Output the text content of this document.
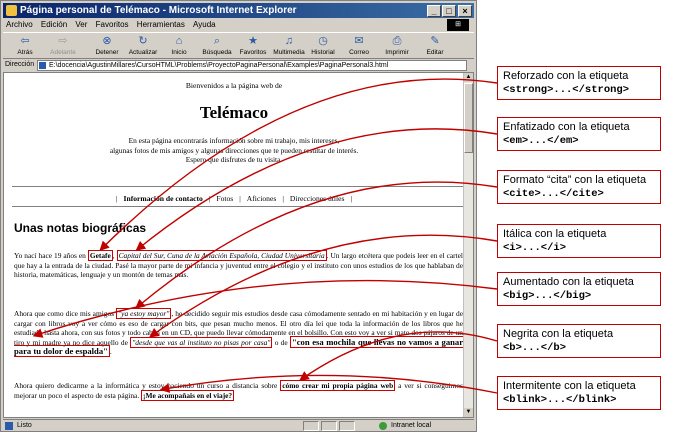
Página personal de Telémaco - Microsoft Internet Explorer	_	□	×
Archivo Edición Ver Favoritos Herramientas Ayuda	⊞
⇦
Atrás
⇨
Adelante
⊗
Detener
↻
Actualizar
⌂
Inicio
⌕
Búsqueda
★
Favoritos
♫
Multimedia
◷
Historial
✉
Correo
⎙
Imprimir
✎
Editar
Dirección	E:\docencia\AgustinMillares\CursoHTML\Problems\ProyectoPaginaPersonal\Examples\PaginaPersonal3.html
Bienvenidos a la página web de
Telémaco
En esta página encontrarás información sobre mi trabajo, mis intereses,
algunas fotos de mis amigos y algunas direcciones que te pueden resultar de interés.
Espero que disfrutes de tu visita.
| Información de contacto | Fotos | Aficiones | Direcciones útiles |
Unas notas biográficas
Yo nací hace 19 años en Getafe , Capital del Sur, Cuna de la Aviación Española, Ciudad Universitaria . Un largo etcétera que podeis leer en el cartel que hay a la entrada de la ciudad. Pasé la mayor parte de mi infancia y juventud entre el colegio y el instituto con unos estudios de los que hablaban de historia, matemáticas, lenguaje y un montón de temas más.
Ahora que como dice mis amigos "ya estoy mayor" , he decidido seguir mis estudios desde casa cómodamente sentado en mi habitación y en lugar de cargar con libros voy a ver cómo es eso de cargar con bits, que pesan mucho menos. El otro día leí que toda la información de los libros que he estudiado hasta ahora, con sus fotos y todo caben en un CD, que puedo llevar cómodamente en el bolsillo. Con esto voy a ver si mato dos pájaros de un tiro y mi madre ya no dice aquello de "desde que vas al instituto no pisas por casa" o de "con esa mochila que llevas no vamos a ganar para tu dolor de espalda" .
Ahora quiero dedicarme a la informática y estoy haciendo un curso a distancia sobre cómo crear mi propia página web a ver si conseguimos mejorar un poco el aspecto de esta página. ¡Me acompañais en el viaje?
▲
▼
Listo	Intranet local
Reforzado con la etiqueta
<strong>...</strong>
Enfatizado con la etiqueta
<em>...</em>
Formato “cita” con la etiqueta
<cite>...</cite>
Itálica con la etiqueta
<i>...</i>
Aumentado con la etiqueta
<big>...</big>
Negrita con la etiqueta
<b>...</b>
Intermitente con la etiqueta
<blink>...</blink>
